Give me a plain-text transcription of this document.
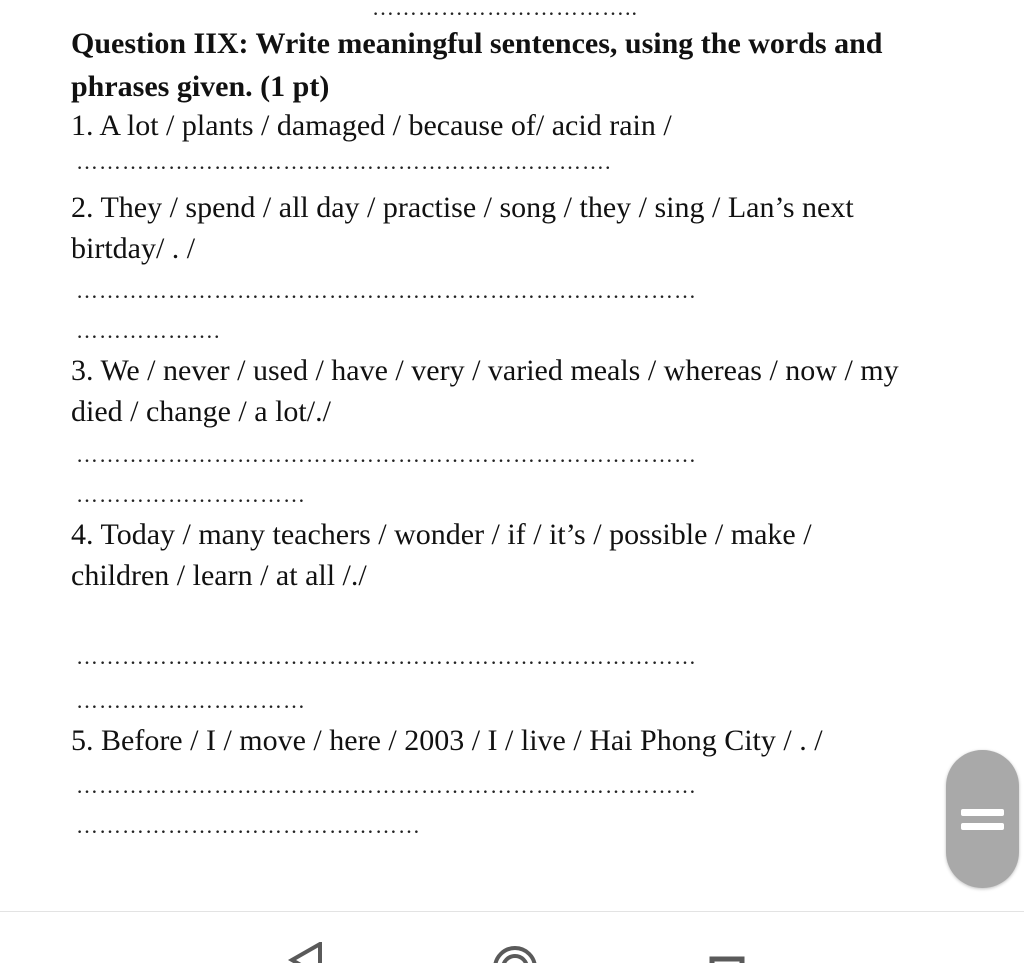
……………………………..
Question IIX: Write meaningful sentences, using the words and
phrases given. (1 pt)
1. A lot / plants / damaged / because of/ acid rain /
…………………………………………………………….
2. They / spend / all day / practise / song / they / sing / Lan’s next
birtday/ . /
………………………………………………………………………
……………….
3. We / never / used / have / very / varied meals / whereas / now / my
died / change / a lot/./
………………………………………………………………………
…………………………
4. Today / many teachers / wonder / if / it’s / possible / make /
children / learn / at all /./
………………………………………………………………………
…………………………
5. Before / I / move / here / 2003 / I / live / Hai Phong City / . /
………………………………………………………………………
………………………………………
